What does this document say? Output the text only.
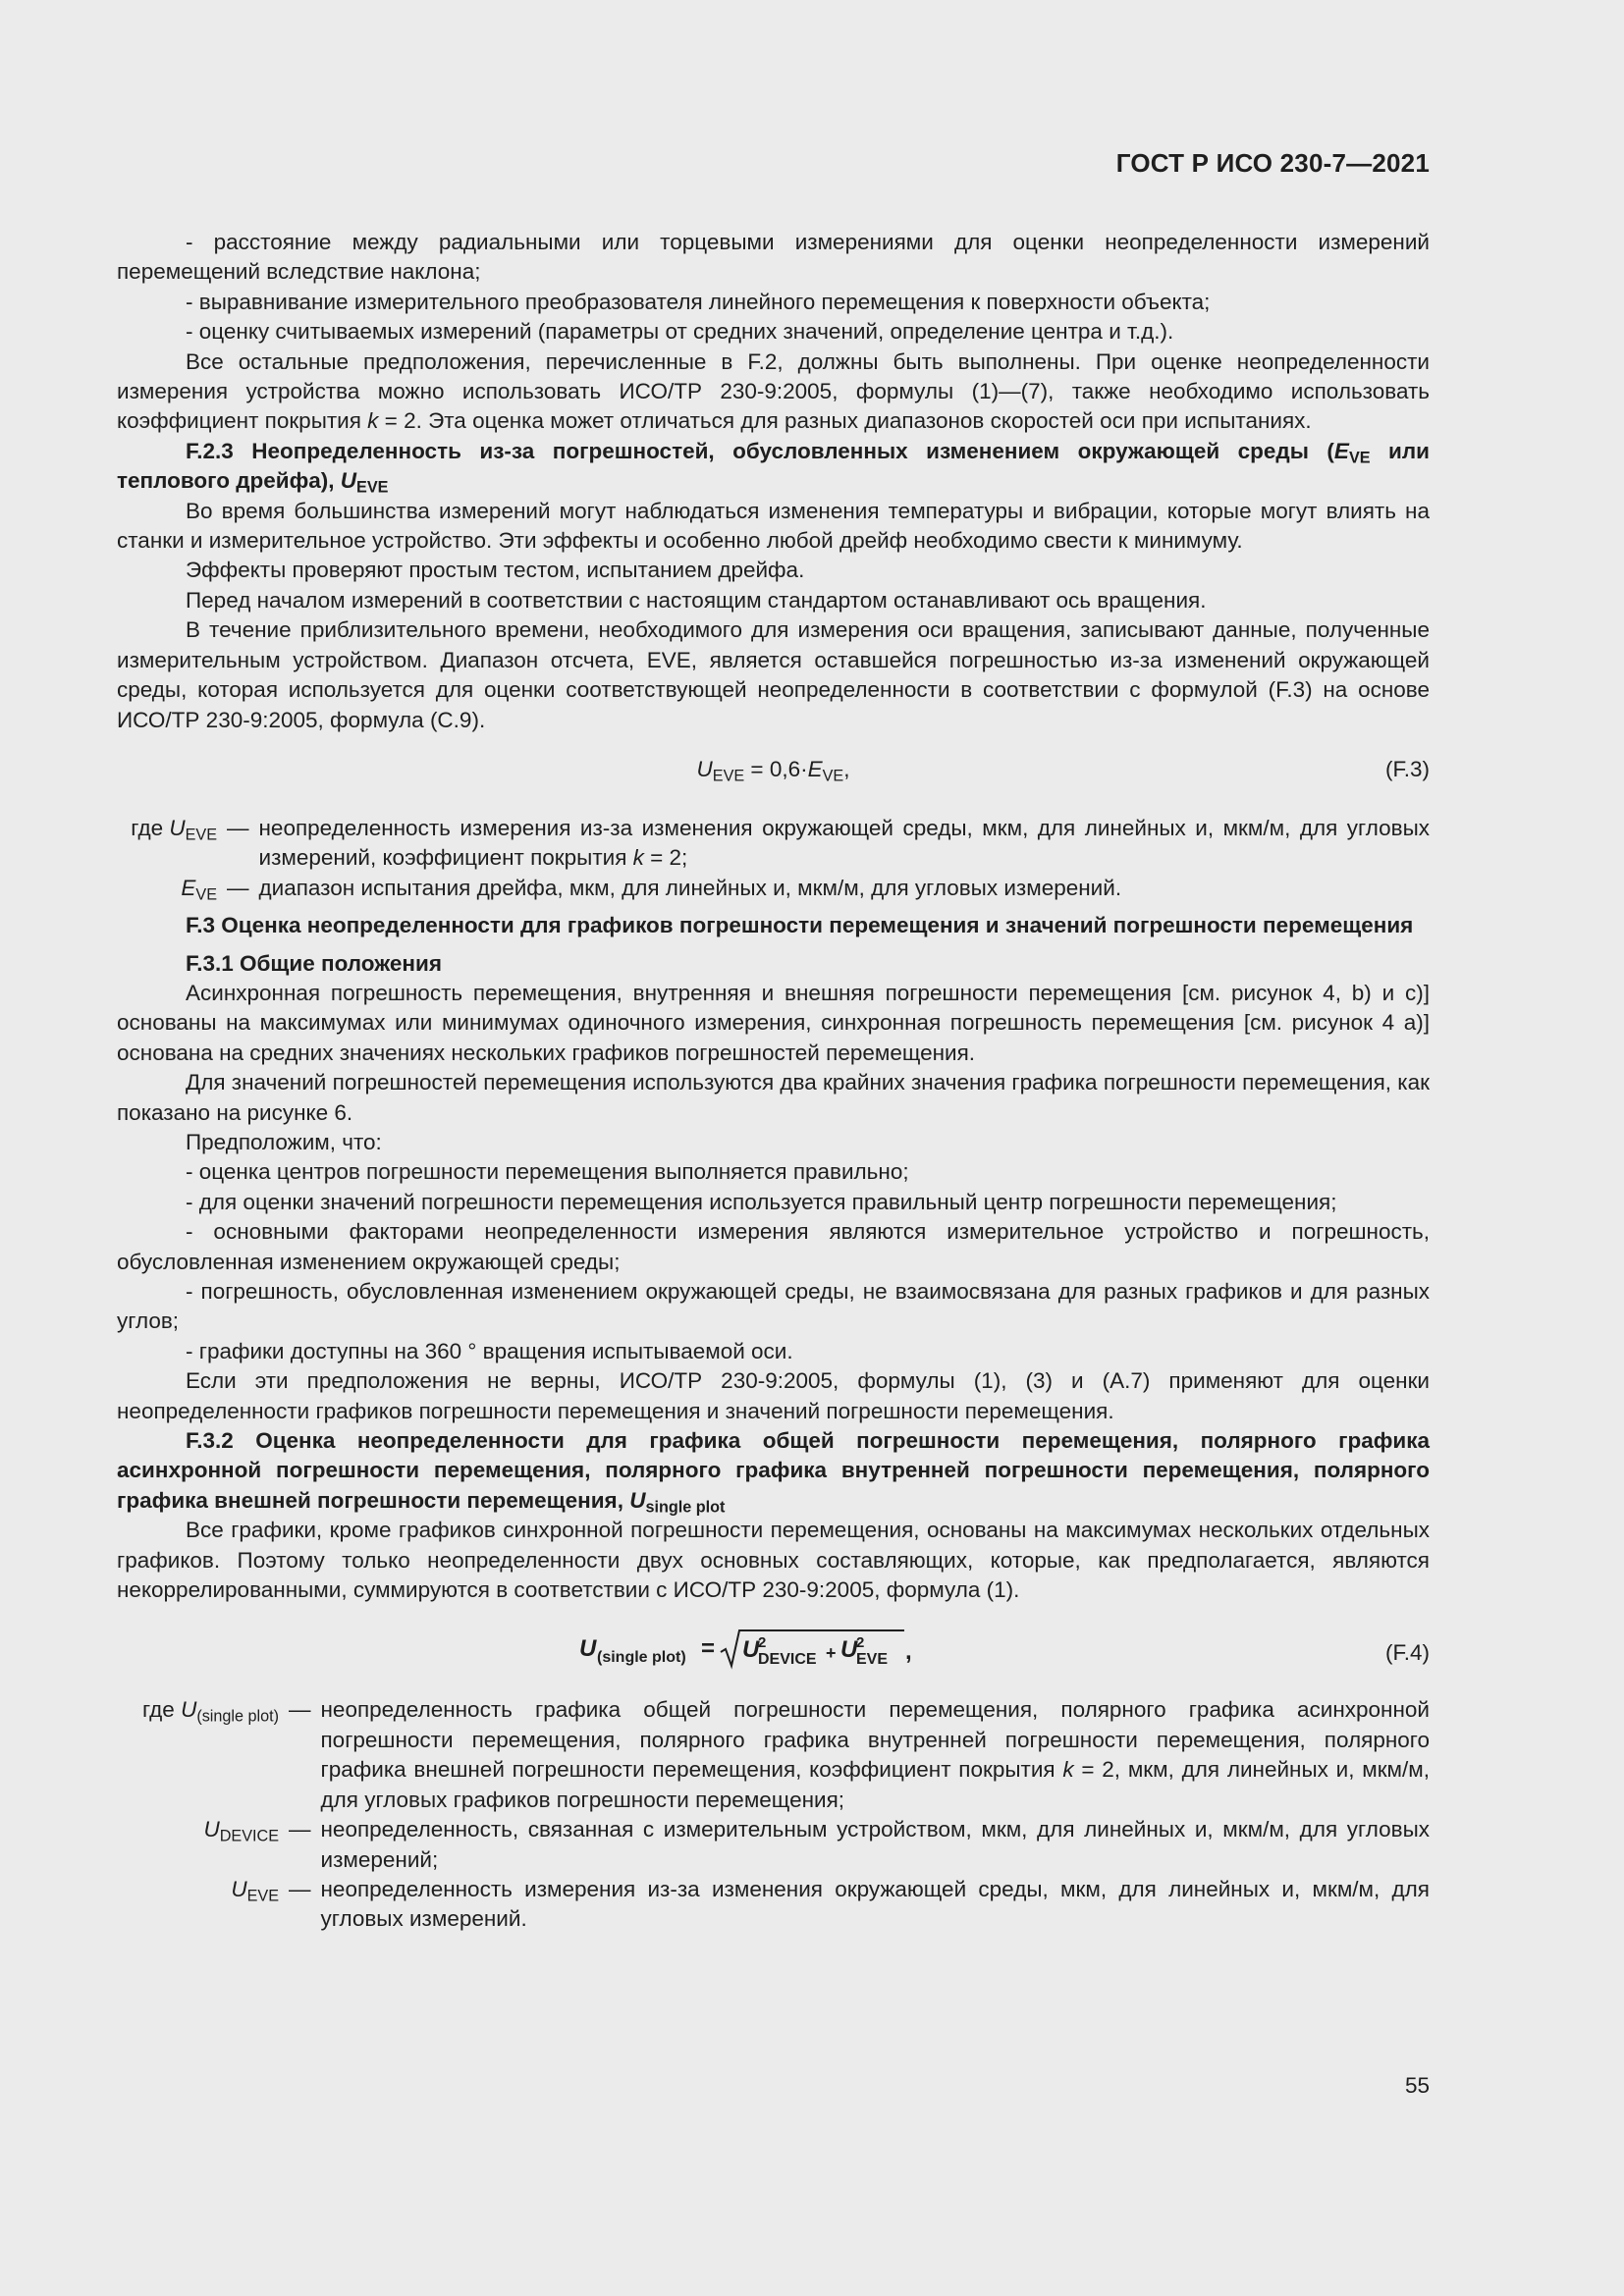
ГОСТ Р ИСО 230-7—2021

- расстояние между радиальными или торцевыми измерениями для оценки неопределенности измерений перемещений вследствие наклона;

- выравнивание измерительного преобразователя линейного перемещения к поверхности объекта;

- оценку считываемых измерений (параметры от средних значений, определение центра и т.д.).

Все остальные предположения, перечисленные в F.2, должны быть выполнены. При оценке неопределенности измерения устройства можно использовать ИСО/ТР 230-9:2005, формулы (1)—(7), также необходимо использовать коэффициент покрытия k = 2. Эта оценка может отличаться для разных диапазонов скоростей оси при испытаниях.

F.2.3 Неопределенность из-за погрешностей, обусловленных изменением окружающей среды ($E_{VE}$ или теплового дрейфа), $U_{EVE}$

Во время большинства измерений могут наблюдаться изменения температуры и вибрации, которые могут влиять на станки и измерительное устройство. Эти эффекты и особенно любой дрейф необходимо свести к минимуму.

Эффекты проверяют простым тестом, испытанием дрейфа.

Перед началом измерений в соответствии с настоящим стандартом останавливают ось вращения.

В течение приблизительного времени, необходимого для измерения оси вращения, записывают данные, полученные измерительным устройством. Диапазон отсчета, EVE, является оставшейся погрешностью из-за изменений окружающей среды, которая используется для оценки соответствующей неопределенности в соответствии с формулой (F.3) на основе ИСО/ТР 230-9:2005, формула (С.9).

$U_{EVE} = 0,6\cdot E_{VE}$,	(F.3)
где $U_{EVE}$ — неопределенность измерения из-за изменения окружающей среды, мкм, для линейных и, мкм/м, для угловых измерений, коэффициент покрытия k = 2;
$E_{VE}$ — диапазон испытания дрейфа, мкм, для линейных и, мкм/м, для угловых измерений.

F.3 Оценка неопределенности для графиков погрешности перемещения и значений погрешности перемещения

F.3.1 Общие положения

Асинхронная погрешность перемещения, внутренняя и внешняя погрешности перемещения [см. рисунок 4, b) и с)] основаны на максимумах или минимумах одиночного измерения, синхронная погрешность перемещения [см. рисунок 4 а)] основана на средних значениях нескольких графиков погрешностей перемещения.

Для значений погрешностей перемещения используются два крайних значения графика погрешности перемещения, как показано на рисунке 6.

Предположим, что:

- оценка центров погрешности перемещения выполняется правильно;

- для оценки значений погрешности перемещения используется правильный центр погрешности перемещения;

- основными факторами неопределенности измерения являются измерительное устройство и погрешность, обусловленная изменением окружающей среды;

- погрешность, обусловленная изменением окружающей среды, не взаимосвязана для разных графиков и для разных углов;

- графики доступны на 360 ° вращения испытываемой оси.

Если эти предположения не верны, ИСО/ТР 230-9:2005, формулы (1), (3) и (А.7) применяют для оценки неопределенности графиков погрешности перемещения и значений погрешности перемещения.

F.3.2 Оценка неопределенности для графика общей погрешности перемещения, полярного графика асинхронной погрешности перемещения, полярного графика внутренней погрешности перемещения, полярного графика внешней погрешности перемещения, $U_{single plot}$

Все графики, кроме графиков синхронной погрешности перемещения, основаны на максимумах нескольких отдельных графиков. Поэтому только неопределенности двух основных составляющих, которые, как предполагается, являются некоррелированными, суммируются в соответствии с ИСО/ТР 230-9:2005, формула (1).

U (single plot) = U
2
DEVICE + U
2
EVE ,	(F.4)
где $U_{(single plot)}$ — неопределенность графика общей погрешности перемещения, полярного графика асинхронной погрешности перемещения, полярного графика внутренней погрешности перемещения, полярного графика внешней погрешности перемещения, коэффициент покрытия k = 2, мкм, для линейных и, мкм/м, для угловых графиков погрешности перемещения;
$U_{DEVICE}$ — неопределенность, связанная с измерительным устройством, мкм, для линейных и, мкм/м, для угловых измерений;
$U_{EVE}$ — неопределенность измерения из-за изменения окружающей среды, мкм, для линейных и, мкм/м, для угловых измерений.
55
